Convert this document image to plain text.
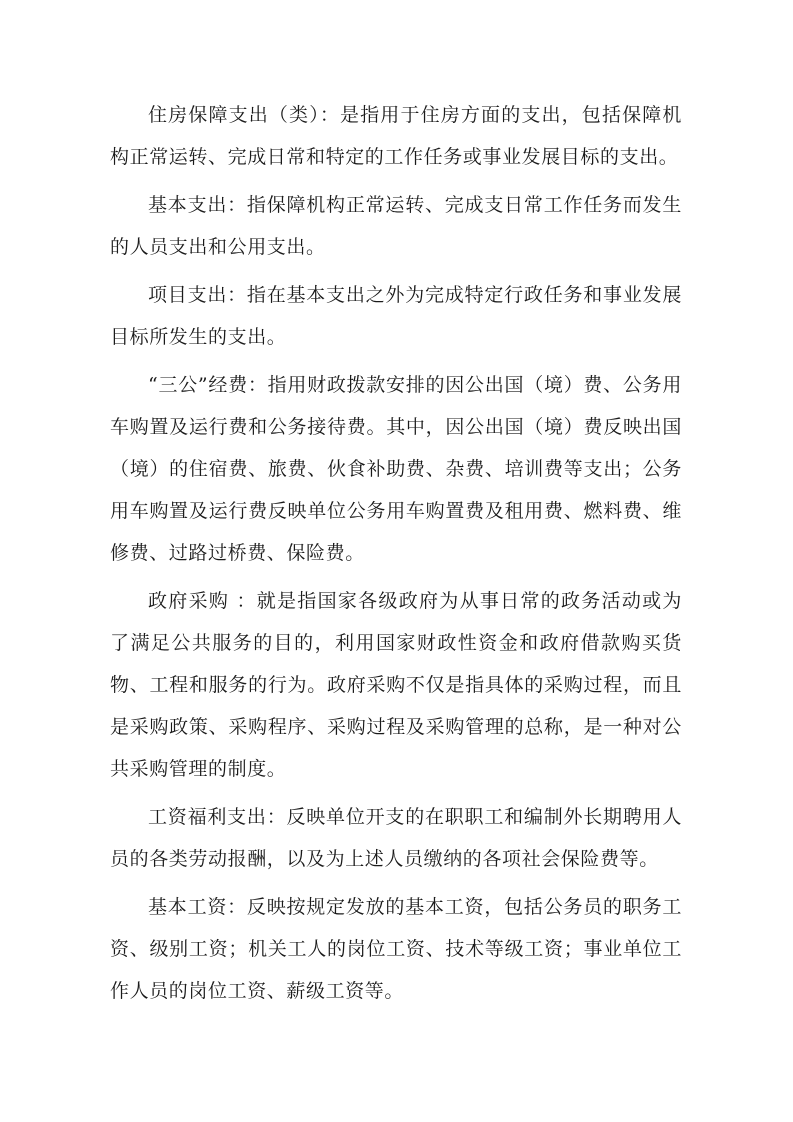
住房保障支出（类）：是指用于住房方面的支出，包括保障机构正常运转、完成日常和特定的工作任务或事业发展目标的支出。

基本支出：指保障机构正常运转、完成支日常工作任务而发生的人员支出和公用支出。

项目支出：指在基本支出之外为完成特定行政任务和事业发展目标所发生的支出。

“三公”经费：指用财政拨款安排的因公出国（境）费、公务用车购置及运行费和公务接待费。其中，因公出国（境）费反映出国（境）的住宿费、旅费、伙食补助费、杂费、培训费等支出；公务用车购置及运行费反映单位公务用车购置费及租用费、燃料费、维修费、过路过桥费、保险费。

政府采购 ：就是指国家各级政府为从事日常的政务活动或为了满足公共服务的目的，利用国家财政性资金和政府借款购买货物、工程和服务的行为。政府采购不仅是指具体的采购过程，而且是采购政策、采购程序、采购过程及采购管理的总称，是一种对公共采购管理的制度。

工资福利支出：反映单位开支的在职职工和编制外长期聘用人员的各类劳动报酬，以及为上述人员缴纳的各项社会保险费等。

基本工资：反映按规定发放的基本工资，包括公务员的职务工资、级别工资；机关工人的岗位工资、技术等级工资；事业单位工作人员的岗位工资、薪级工资等。
